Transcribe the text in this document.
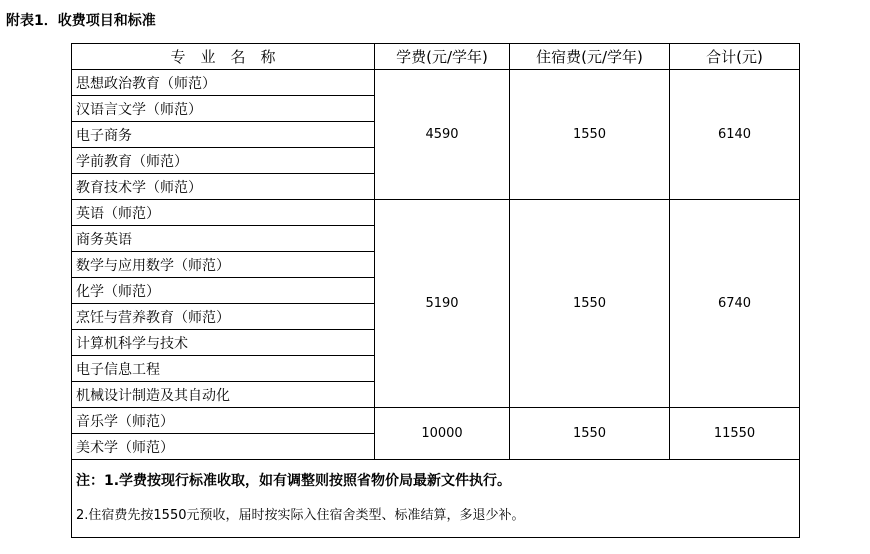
附表1．收费项目和标准
专　业　名　称	学费(元/学年)	住宿费(元/学年)	合计(元)
思想政治教育（师范）	4590	1550	6140
汉语言文学（师范）			
电子商务			
学前教育（师范）			
教育技术学（师范）			
英语（师范）	5190	1550	6740
商务英语			
数学与应用数学（师范）			
化学（师范）			
烹饪与营养教育（师范）			
计算机科学与技术			
电子信息工程			
机械设计制造及其自动化			
音乐学（师范）	10000	1550	11550
美术学（师范）			

注：1.学费按现行标准收取，如有调整则按照省物价局最新文件执行。
2.住宿费先按1550元预收，届时按实际入住宿舍类型、标准结算，多退少补。			
